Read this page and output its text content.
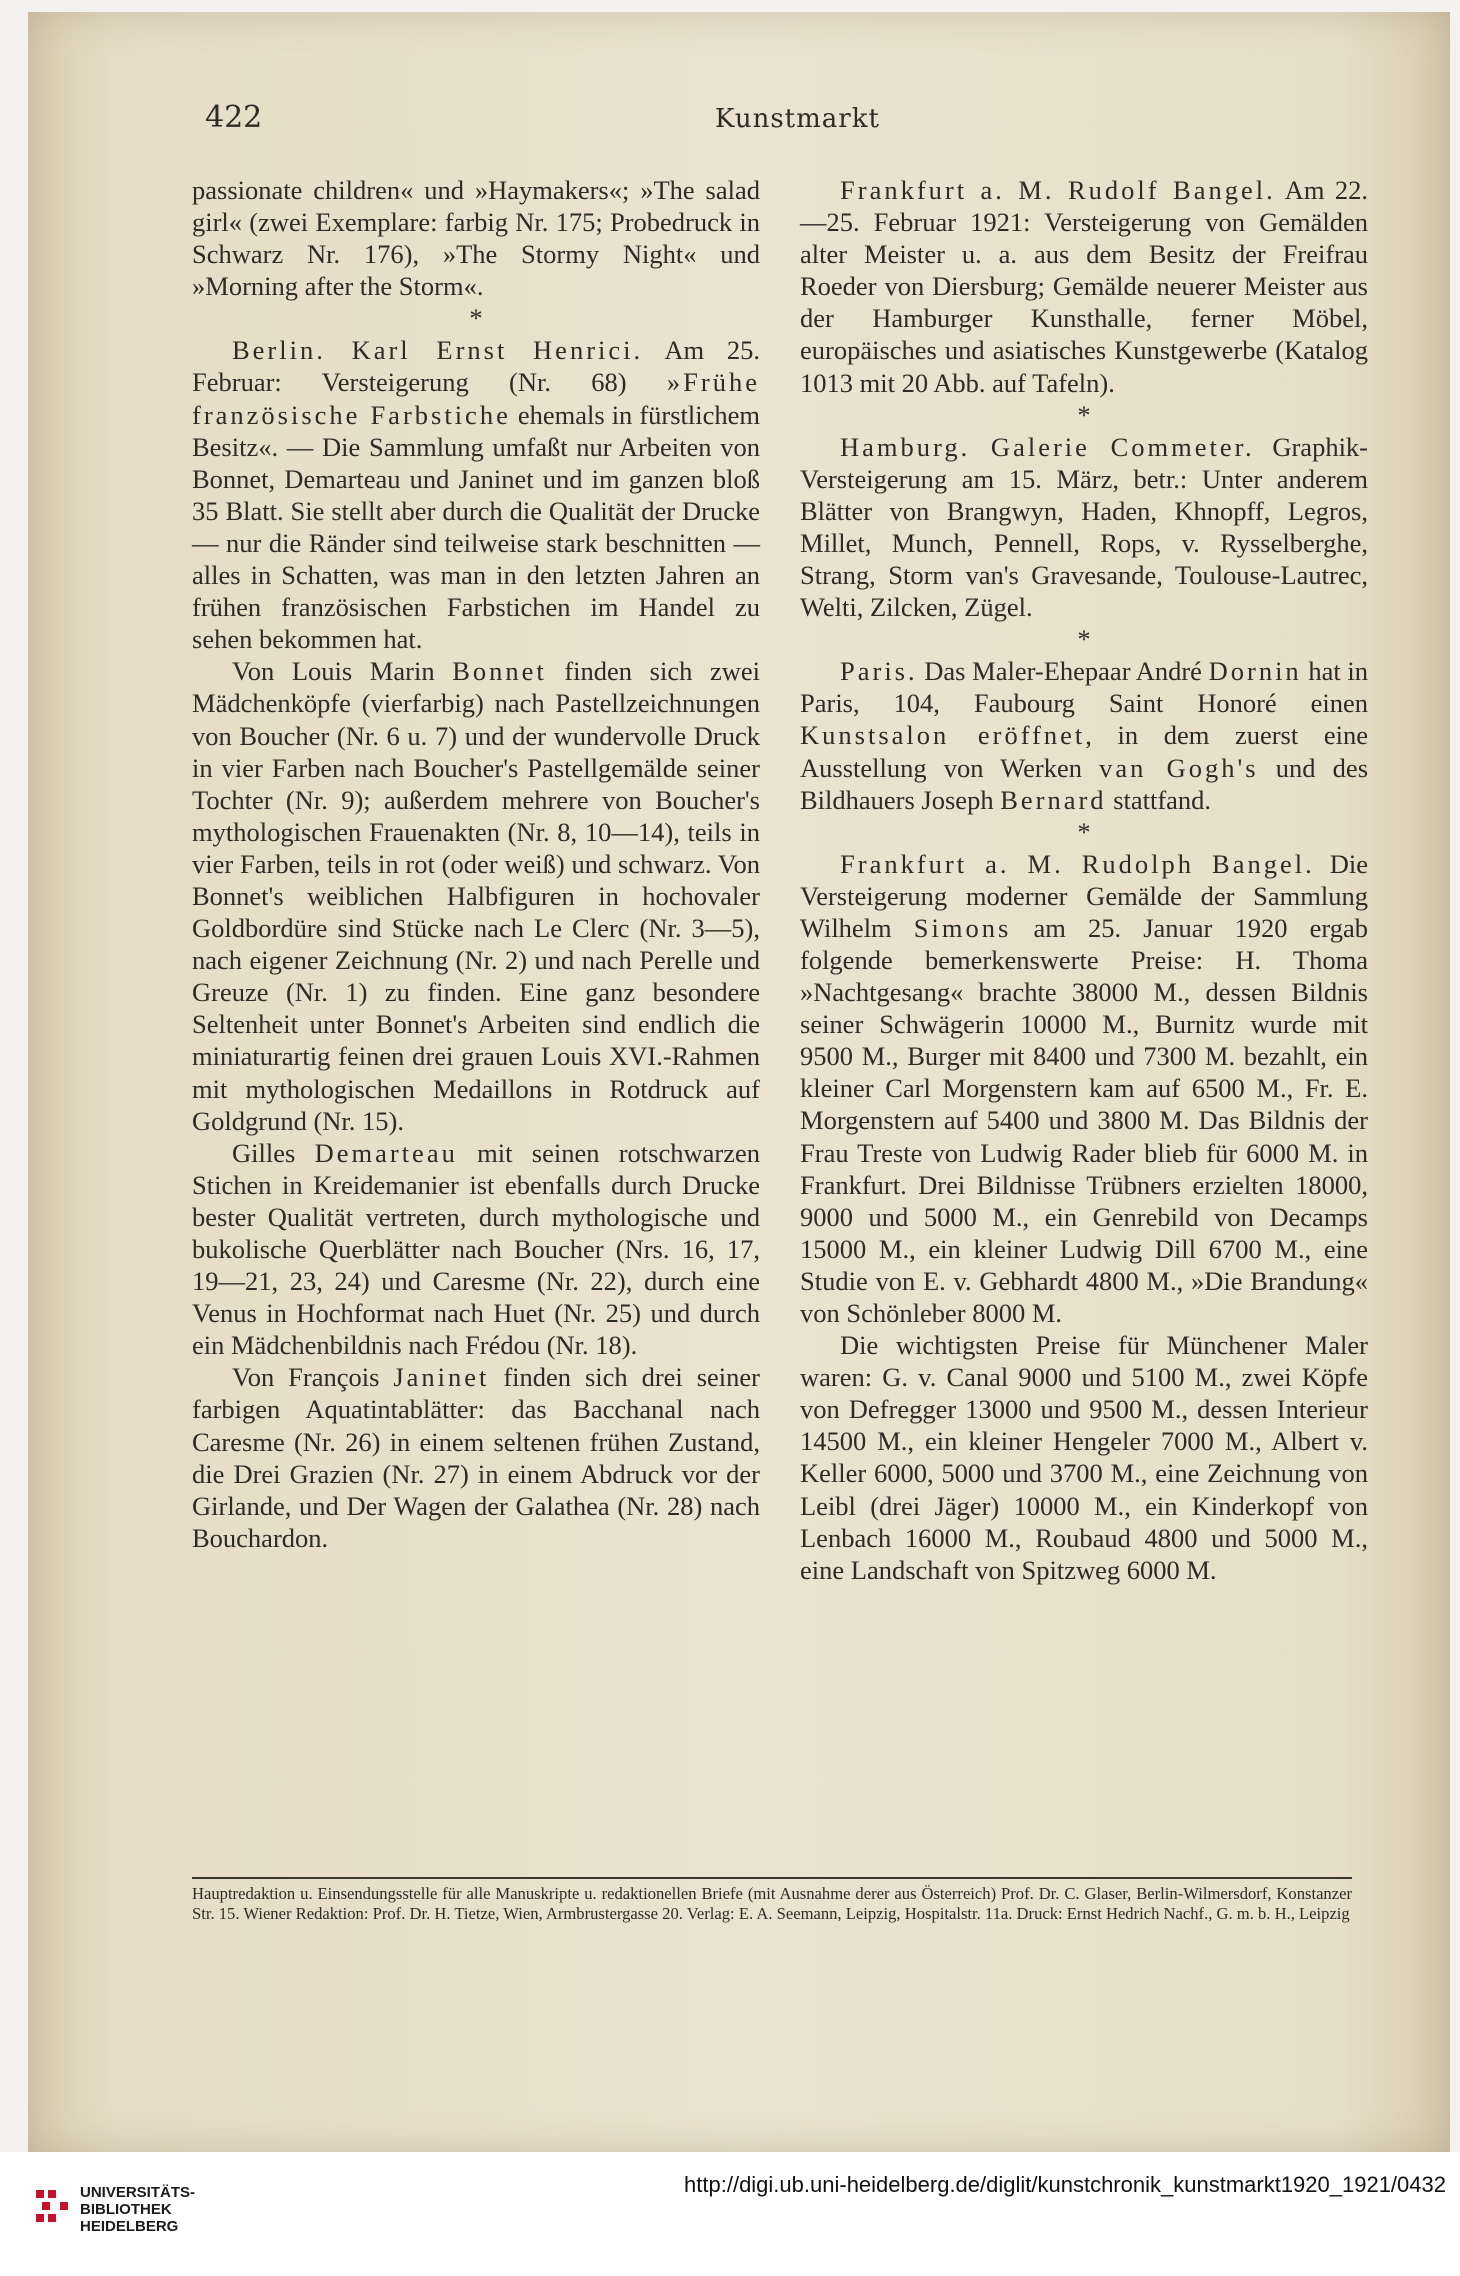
422	Kunstmarkt

passionate children« und »Haymakers«; »The salad girl« (zwei Exemplare: farbig Nr. 175; Probedruck in Schwarz Nr. 176), »The Stormy Night« und »Morning after the Storm«.

*

Berlin. Karl Ernst Henrici. Am 25. Februar: Versteigerung (Nr. 68) »Frühe französische Farbstiche ehemals in fürstlichem Besitz«. — Die Sammlung umfaßt nur Arbeiten von Bonnet, Demarteau und Janinet und im ganzen bloß 35 Blatt. Sie stellt aber durch die Qualität der Drucke — nur die Ränder sind teilweise stark beschnitten — alles in Schatten, was man in den letzten Jahren an frühen französischen Farbstichen im Handel zu sehen bekommen hat.

Von Louis Marin Bonnet finden sich zwei Mädchenköpfe (vierfarbig) nach Pastellzeichnungen von Boucher (Nr. 6 u. 7) und der wundervolle Druck in vier Farben nach Boucher's Pastellgemälde seiner Tochter (Nr. 9); außerdem mehrere von Boucher's mythologischen Frauenakten (Nr. 8, 10—14), teils in vier Farben, teils in rot (oder weiß) und schwarz. Von Bonnet's weiblichen Halbfiguren in hochovaler Goldbordüre sind Stücke nach Le Clerc (Nr. 3—5), nach eigener Zeichnung (Nr. 2) und nach Perelle und Greuze (Nr. 1) zu finden. Eine ganz besondere Seltenheit unter Bonnet's Arbeiten sind endlich die miniaturartig feinen drei grauen Louis XVI.-Rahmen mit mythologischen Medaillons in Rotdruck auf Goldgrund (Nr. 15).

Gilles Demarteau mit seinen rotschwarzen Stichen in Kreidemanier ist ebenfalls durch Drucke bester Qualität vertreten, durch mythologische und bukolische Querblätter nach Boucher (Nrs. 16, 17, 19—21, 23, 24) und Caresme (Nr. 22), durch eine Venus in Hochformat nach Huet (Nr. 25) und durch ein Mädchenbildnis nach Frédou (Nr. 18).

Von François Janinet finden sich drei seiner farbigen Aquatintablätter: das Bacchanal nach Caresme (Nr. 26) in einem seltenen frühen Zustand, die Drei Grazien (Nr. 27) in einem Abdruck vor der Girlande, und Der Wagen der Galathea (Nr. 28) nach Bouchardon.

Frankfurt a. M. Rudolf Bangel. Am 22.—25. Februar 1921: Versteigerung von Gemälden alter Meister u. a. aus dem Besitz der Freifrau Roeder von Diersburg; Gemälde neuerer Meister aus der Hamburger Kunsthalle, ferner Möbel, europäisches und asiatisches Kunstgewerbe (Katalog 1013 mit 20 Abb. auf Tafeln).

*

Hamburg. Galerie Commeter. Graphik-Versteigerung am 15. März, betr.: Unter anderem Blätter von Brangwyn, Haden, Khnopff, Legros, Millet, Munch, Pennell, Rops, v. Rysselberghe, Strang, Storm van's Gravesande, Toulouse-Lautrec, Welti, Zilcken, Zügel.

*

Paris. Das Maler-Ehepaar André Dornin hat in Paris, 104, Faubourg Saint Honoré einen Kunstsalon eröffnet, in dem zuerst eine Ausstellung von Werken van Gogh's und des Bildhauers Joseph Bernard stattfand.

*

Frankfurt a. M. Rudolph Bangel. Die Versteigerung moderner Gemälde der Sammlung Wilhelm Simons am 25. Januar 1920 ergab folgende bemerkenswerte Preise: H. Thoma »Nachtgesang« brachte 38000 M., dessen Bildnis seiner Schwägerin 10000 M., Burnitz wurde mit 9500 M., Burger mit 8400 und 7300 M. bezahlt, ein kleiner Carl Morgenstern kam auf 6500 M., Fr. E. Morgenstern auf 5400 und 3800 M. Das Bildnis der Frau Treste von Ludwig Rader blieb für 6000 M. in Frankfurt. Drei Bildnisse Trübners erzielten 18000, 9000 und 5000 M., ein Genrebild von Decamps 15000 M., ein kleiner Ludwig Dill 6700 M., eine Studie von E. v. Gebhardt 4800 M., »Die Brandung« von Schönleber 8000 M.

Die wichtigsten Preise für Münchener Maler waren: G. v. Canal 9000 und 5100 M., zwei Köpfe von Defregger 13000 und 9500 M., dessen Interieur 14500 M., ein kleiner Hengeler 7000 M., Albert v. Keller 6000, 5000 und 3700 M., eine Zeichnung von Leibl (drei Jäger) 10000 M., ein Kinderkopf von Lenbach 16000 M., Roubaud 4800 und 5000 M., eine Landschaft von Spitzweg 6000 M.

Hauptredaktion u. Einsendungsstelle für alle Manuskripte u. redaktionellen Briefe (mit Ausnahme derer aus Österreich) Prof. Dr. C. Glaser, Berlin-Wilmersdorf, Konstanzer Str. 15. Wiener Redaktion: Prof. Dr. H. Tietze, Wien, Armbrustergasse 20. Verlag: E. A. Seemann, Leipzig, Hospitalstr. 11a. Druck: Ernst Hedrich Nachf., G. m. b. H., Leipzig

UNIVERSITÄTS-
BIBLIOTHEK
HEIDELBERG
http://digi.ub.uni-heidelberg.de/diglit/kunstchronik_kunstmarkt1920_1921/0432
